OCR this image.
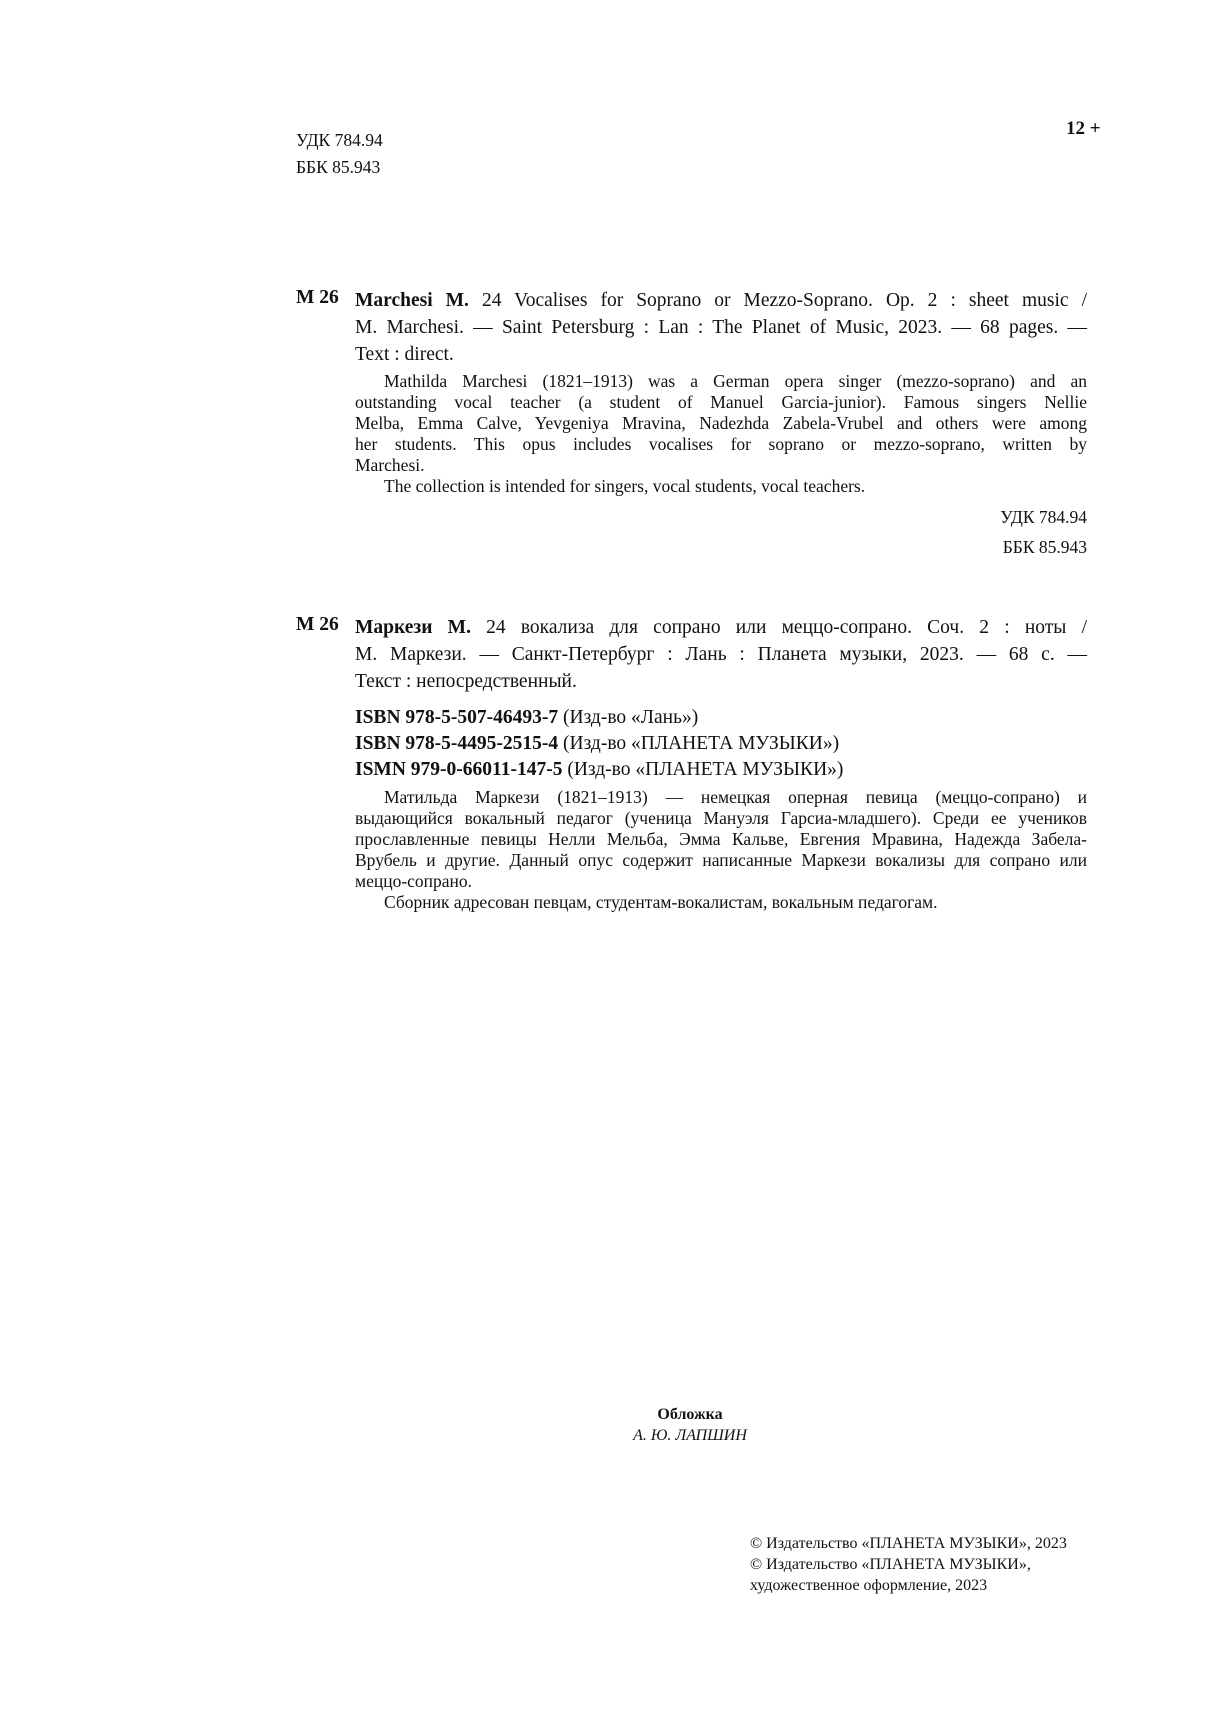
УДК 784.94
ББК 85.943
12 +
M 26 Marchesi M. 24 Vocalises for Soprano or Mezzo-Soprano. Op. 2 : sheet music /
M. Marchesi. — Saint Petersburg : Lan : The Planet of Music, 2023. — 68 pages. —
Text : direct.
Mathilda Marchesi (1821–1913) was a German opera singer (mezzo-soprano) and an
outstanding vocal teacher (a student of Manuel Garcia-junior). Famous singers Nellie
Melba, Emma Calve, Yevgeniya Mravina, Nadezhda Zabela-Vrubel and others were among
her students. This opus includes vocalises for soprano or mezzo-soprano, written by
Marchesi.
The collection is intended for singers, vocal students, vocal teachers.
УДК 784.94
ББК 85.943
М 26 Маркези М. 24 вокализа для сопрано или меццо-сопрано. Соч. 2 : ноты /
М. Маркези. — Санкт-Петербург : Лань : Планета музыки, 2023. — 68 с. —
Текст : непосредственный.
ISBN 978-5-507-46493-7 (Изд-во «Лань»)
ISBN 978-5-4495-2515-4 (Изд-во «ПЛАНЕТА МУЗЫКИ»)
ISMN 979-0-66011-147-5 (Изд-во «ПЛАНЕТА МУЗЫКИ»)
Матильда Маркези (1821–1913) — немецкая оперная певица (меццо-сопрано) и
выдающийся вокальный педагог (ученица Мануэля Гарсиа-младшего). Среди ее учеников
прославленные певицы Нелли Мельба, Эмма Кальве, Евгения Мравина, Надежда Забела-
Врубель и другие. Данный опус содержит написанные Маркези вокализы для сопрано или
меццо-сопрано.
Сборник адресован певцам, студентам-вокалистам, вокальным педагогам.
Обложка
А. Ю. ЛАПШИН
© Издательство «ПЛАНЕТА МУЗЫКИ», 2023
© Издательство «ПЛАНЕТА МУЗЫКИ»,
художественное оформление, 2023
